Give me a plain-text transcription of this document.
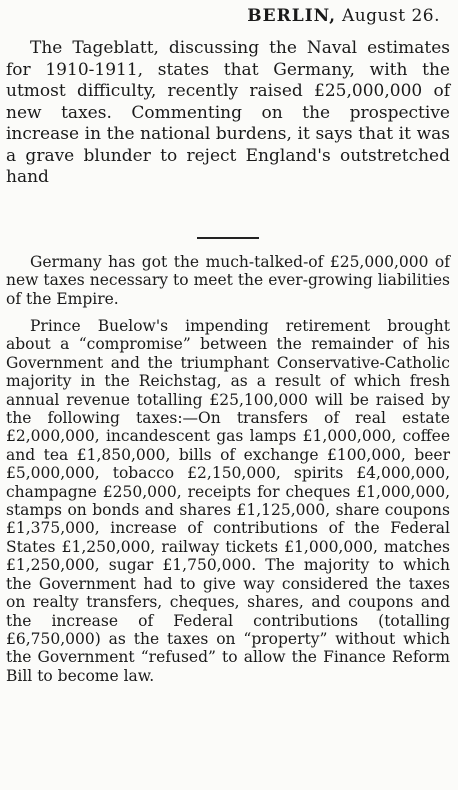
BERLIN, August 26.

The Tageblatt, discussing the Naval estimates for 1910-1911, states that Germany, with the utmost difficulty, recently raised £25,000,000 of new taxes. Commenting on the prospective increase in the national burdens, it says that it was a grave blunder to reject England's outstretched hand

Germany has got the much-talked-of £25,000,000 of new taxes necessary to meet the ever-growing liabilities of the Empire.

Prince Buelow's impending retirement brought about a “compromise” between the remainder of his Government and the triumphant Conservative-Catholic majority in the Reichstag, as a result of which fresh annual revenue totalling £25,100,000 will be raised by the following taxes:—On transfers of real estate £2,000,000, incandescent gas lamps £1,000,000, coffee and tea £1,850,000, bills of exchange £100,000, beer £5,000,000, tobacco £2,150,000, spirits £4,000,000, champagne £250,000, receipts for cheques £1,000,000, stamps on bonds and shares £1,125,000, share coupons £1,375,000, increase of contributions of the Federal States £1,250,000, railway tickets £1,000,000, matches £1,250,000, sugar £1,750,000. The majority to which the Government had to give way considered the taxes on realty transfers, cheques, shares, and coupons and the increase of Federal contributions (totalling £6,750,000) as the taxes on “property” without which the Government “refused” to allow the Finance Reform Bill to become law.
